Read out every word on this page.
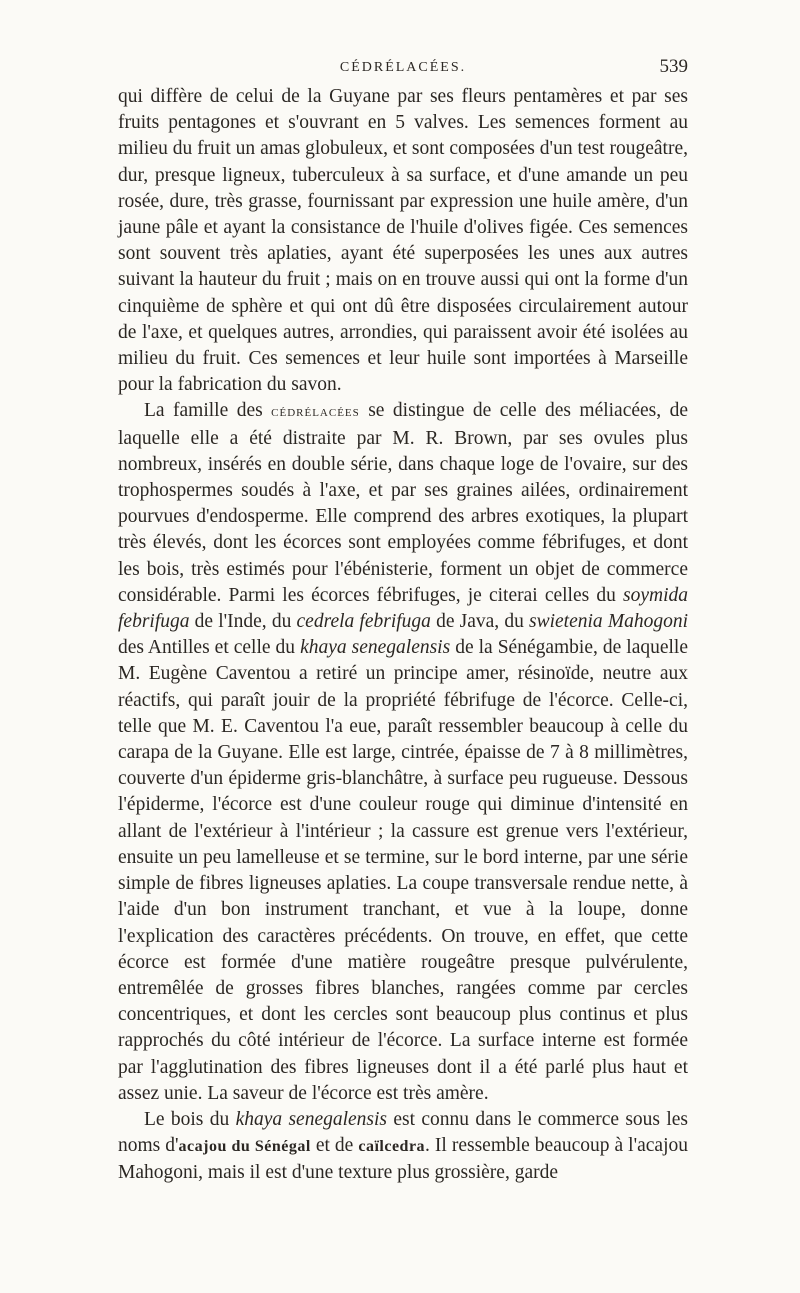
CÉDRÉLACÉES.	539

qui diffère de celui de la Guyane par ses fleurs pentamères et par ses fruits pentagones et s'ouvrant en 5 valves. Les semences forment au milieu du fruit un amas globuleux, et sont composées d'un test rougeâtre, dur, presque ligneux, tuberculeux à sa surface, et d'une amande un peu rosée, dure, très grasse, fournissant par expression une huile amère, d'un jaune pâle et ayant la consistance de l'huile d'olives figée. Ces semences sont souvent très aplaties, ayant été superposées les unes aux autres suivant la hauteur du fruit ; mais on en trouve aussi qui ont la forme d'un cinquième de sphère et qui ont dû être disposées circulairement autour de l'axe, et quelques autres, arrondies, qui paraissent avoir été isolées au milieu du fruit. Ces semences et leur huile sont importées à Marseille pour la fabrication du savon.

La famille des cédrélacées se distingue de celle des méliacées, de laquelle elle a été distraite par M. R. Brown, par ses ovules plus nombreux, insérés en double série, dans chaque loge de l'ovaire, sur des trophospermes soudés à l'axe, et par ses graines ailées, ordinairement pourvues d'endosperme. Elle comprend des arbres exotiques, la plupart très élevés, dont les écorces sont employées comme fébrifuges, et dont les bois, très estimés pour l'ébénisterie, forment un objet de commerce considérable. Parmi les écorces fébrifuges, je citerai celles du soymida febrifuga de l'Inde, du cedrela febrifuga de Java, du swietenia Mahogoni des Antilles et celle du khaya senegalensis de la Sénégambie, de laquelle M. Eugène Caventou a retiré un principe amer, résinoïde, neutre aux réactifs, qui paraît jouir de la propriété fébrifuge de l'écorce. Celle-ci, telle que M. E. Caventou l'a eue, paraît ressembler beaucoup à celle du carapa de la Guyane. Elle est large, cintrée, épaisse de 7 à 8 millimètres, couverte d'un épiderme gris-blanchâtre, à surface peu rugueuse. Dessous l'épiderme, l'écorce est d'une couleur rouge qui diminue d'intensité en allant de l'extérieur à l'intérieur ; la cassure est grenue vers l'extérieur, ensuite un peu lamelleuse et se termine, sur le bord interne, par une série simple de fibres ligneuses aplaties. La coupe transversale rendue nette, à l'aide d'un bon instrument tranchant, et vue à la loupe, donne l'explication des caractères précédents. On trouve, en effet, que cette écorce est formée d'une matière rougeâtre presque pulvérulente, entremêlée de grosses fibres blanches, rangées comme par cercles concentriques, et dont les cercles sont beaucoup plus continus et plus rapprochés du côté intérieur de l'écorce. La surface interne est formée par l'agglutination des fibres ligneuses dont il a été parlé plus haut et assez unie. La saveur de l'écorce est très amère.

Le bois du khaya senegalensis est connu dans le commerce sous les noms d'acajou du Sénégal et de caïlcedra. Il ressemble beaucoup à l'acajou Mahogoni, mais il est d'une texture plus grossière, garde
